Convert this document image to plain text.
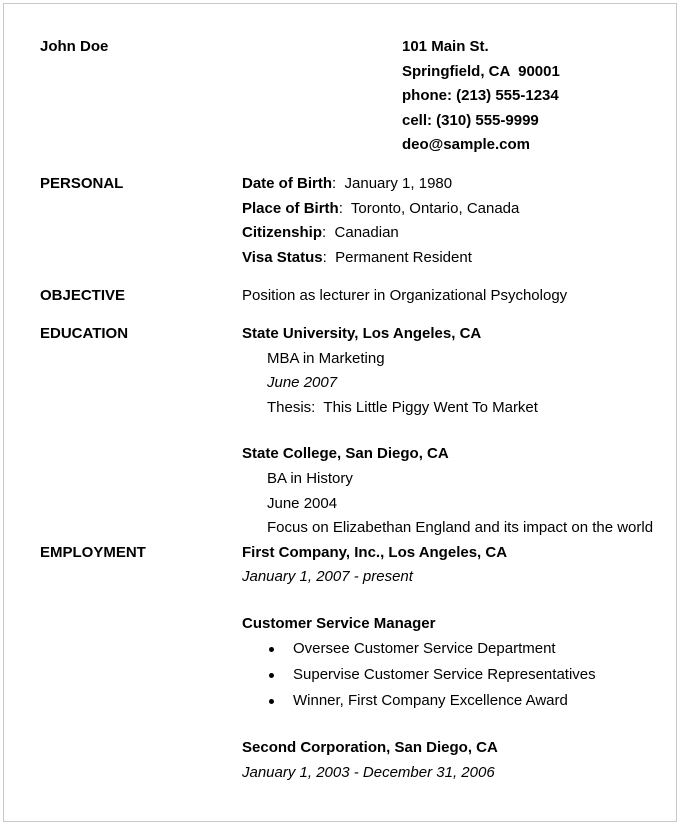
John Doe	101 Main St.
Springfield, CA  90001
phone: (213) 555-1234
cell: (310) 555-9999
deo@sample.com
PERSONAL	Date of Birth:  January 1, 1980
Place of Birth:  Toronto, Ontario, Canada
Citizenship:  Canadian
Visa Status:  Permanent Resident
OBJECTIVE	Position as lecturer in Organizational Psychology
EDUCATION	State University, Los Angeles, CA
MBA in Marketing
June 2007
Thesis:  This Little Piggy Went To Market
State College, San Diego, CA
BA in History
June 2004
Focus on Elizabethan England and its impact on the world
EMPLOYMENT	First Company, Inc., Los Angeles, CA
January 1, 2007 - present
Customer Service Manager
Oversee Customer Service Department
Supervise Customer Service Representatives
Winner, First Company Excellence Award
Second Corporation, San Diego, CA
January 1, 2003 - December 31, 2006
